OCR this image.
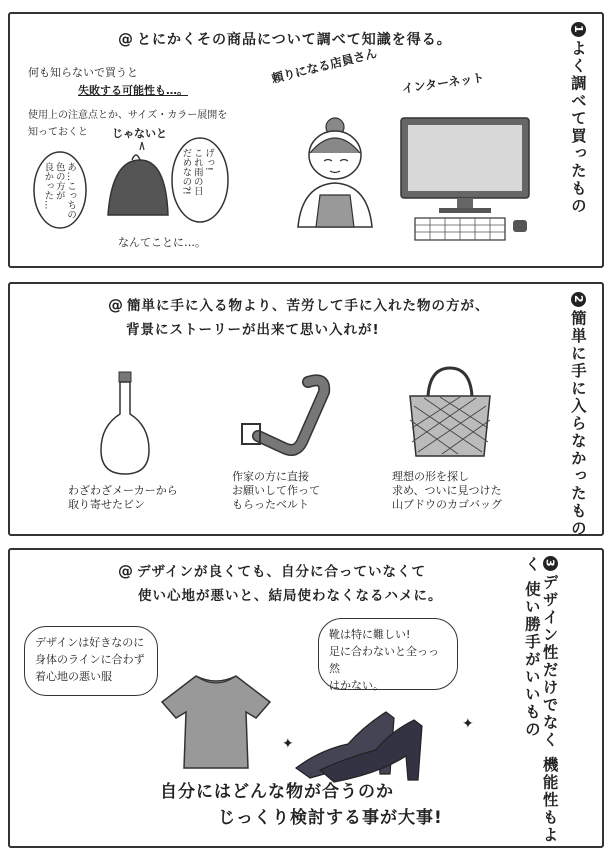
@ とにかくその商品について調べて知識を得る。
何も知らないで買うと
失敗する可能性も…。
使用上の注意点とか、サイズ・カラー展開を
知っておくと じゃないと
あ…こっちの
色の方が
良かった…
げっ!
これ雨の日
だめなの?!
なんてことに…。
頼りになる店員さん インターネット
1よく調べて買ったもの
@ 簡単に手に入る物より、苦労して手に入れた物の方が、
背景にストーリーが出来て思い入れが!
わざわざメーカーから
取り寄せたビン
作家の方に直接
お願いして作って
もらったベルト
理想の形を探し
求め、ついに見つけた
山ブドウのカゴバッグ
2簡単に手に入らなかったもの
@ デザインが良くても、自分に合っていなくて
使い心地が悪いと、結局使わなくなるハメに。
デザインは好きなのに
身体のラインに合わず
着心地の悪い服
靴は特に難しい!
足に合わないと全っっ然
はかない。
✦
✦
自分にはどんな物が合うのか
じっくり検討する事が大事!
3デザイン性だけでなく 機能性もよく 使い勝手がいいもの
